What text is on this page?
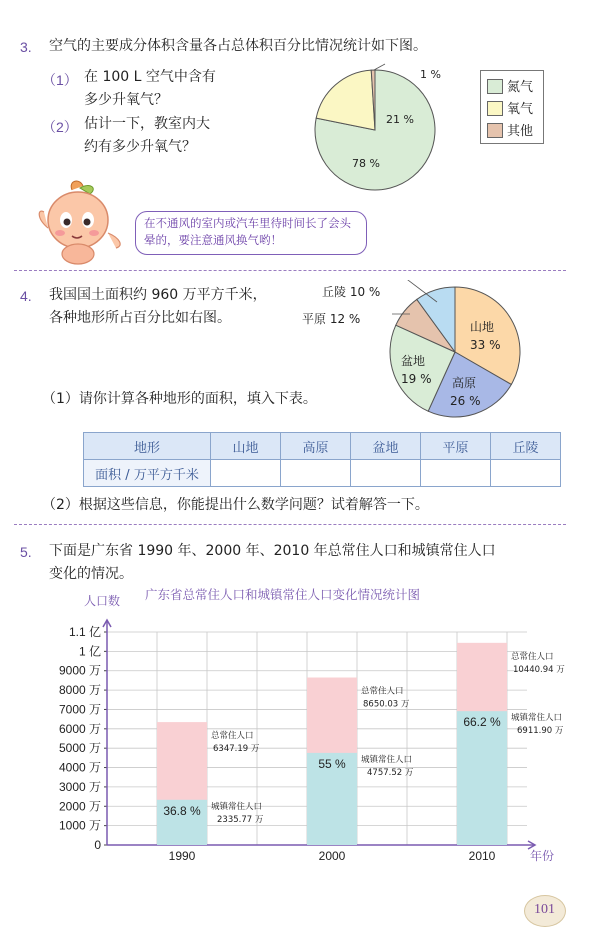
3. 空气的主要成分体积含量各占总体积百分比情况统计如下图。
（1） 在 100 L 空气中含有
多少升氧气？
（2） 估计一下，教室内大
约有多少升氧气？
1 %
21 %
78 %
氮气
氧气
其他
在不通风的室内或汽车里待时间长了会头晕的，要注意通风换气哟！
4. 我国国土面积约 960 万平方千米，
各种地形所占百分比如右图。
山地
33 %
高原
26 %
盆地
19 %
平原 12 %
丘陵 10 %
（1）请你计算各种地形的面积，填入下表。
地形	山地	高原	盆地	平原	丘陵
面积 / 万平方千米					
（2）根据这些信息，你能提出什么数学问题？试着解答一下。
5. 下面是广东省 1990 年、2000 年、2010 年总常住人口和城镇常住人口
变化的情况。
广东省总常住人口和城镇常住人口变化情况统计图
人口数
年份
0
1000 万
2000 万
3000 万
4000 万
5000 万
6000 万
7000 万
8000 万
9000 万
1 亿
1.1 亿
1990
36.8 %
总常住人口
6347.19 万
城镇常住人口
2335.77 万
2000
55 %
总常住人口
8650.03 万
城镇常住人口
4757.52 万
2010
66.2 %
总常住人口
10440.94 万
城镇常住人口
6911.90 万
101
